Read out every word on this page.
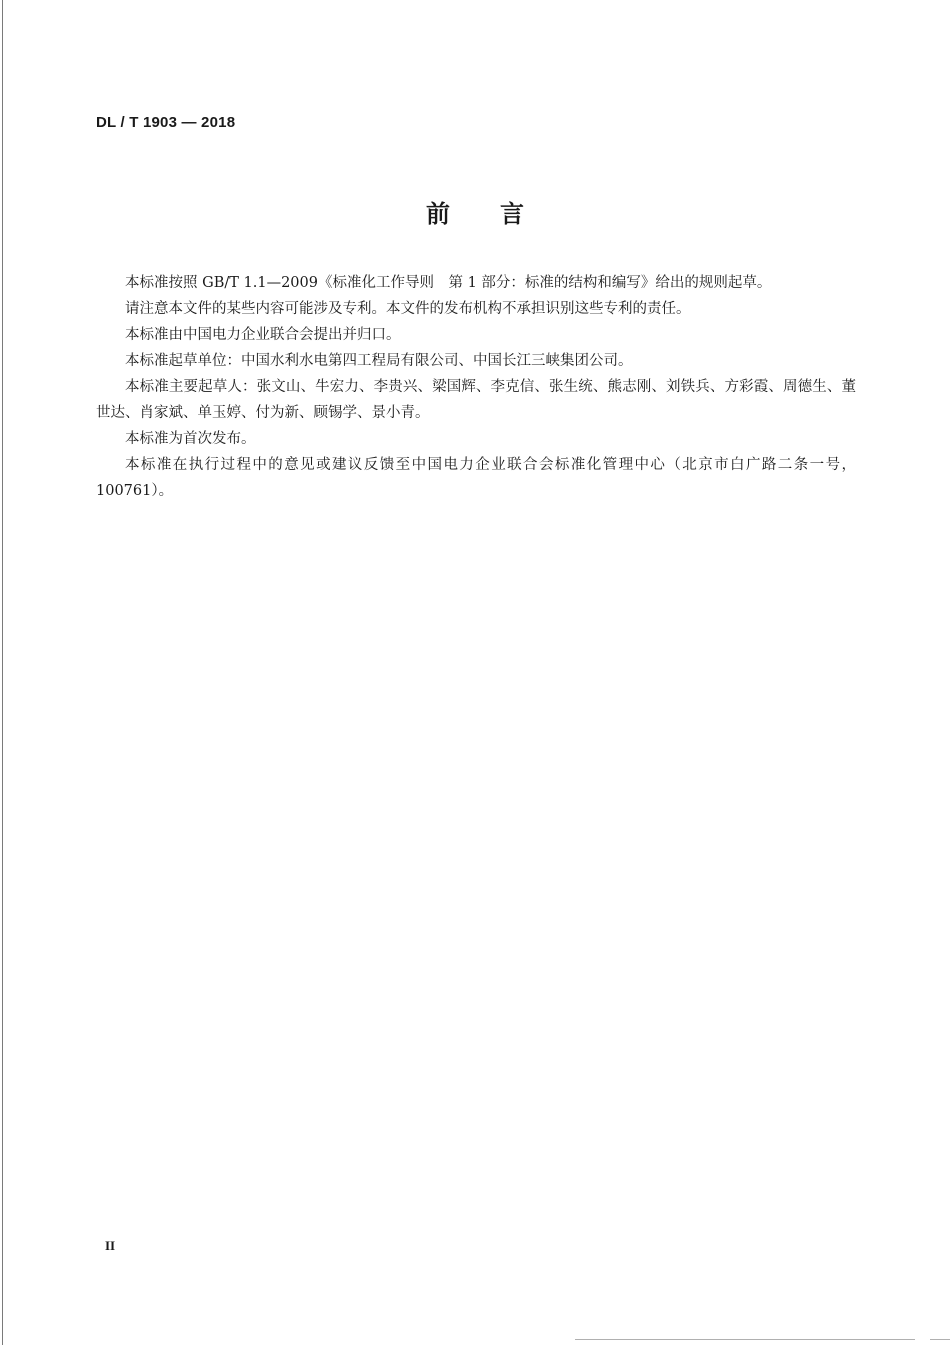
DL / T 1903 — 2018
前言

本标准按照 GB/T 1.1—2009《标准化工作导则　第 1 部分：标准的结构和编写》给出的规则起草。

请注意本文件的某些内容可能涉及专利。本文件的发布机构不承担识别这些专利的责任。

本标准由中国电力企业联合会提出并归口。

本标准起草单位：中国水利水电第四工程局有限公司、中国长江三峡集团公司。

本标准主要起草人：张文山、牛宏力、李贵兴、梁国辉、李克信、张生统、熊志刚、刘铁兵、方彩霞、周德生、董世达、肖家斌、单玉婷、付为新、顾锡学、景小青。

本标准为首次发布。

本标准在执行过程中的意见或建议反馈至中国电力企业联合会标准化管理中心（北京市白广路二条一号，100761）。

II
